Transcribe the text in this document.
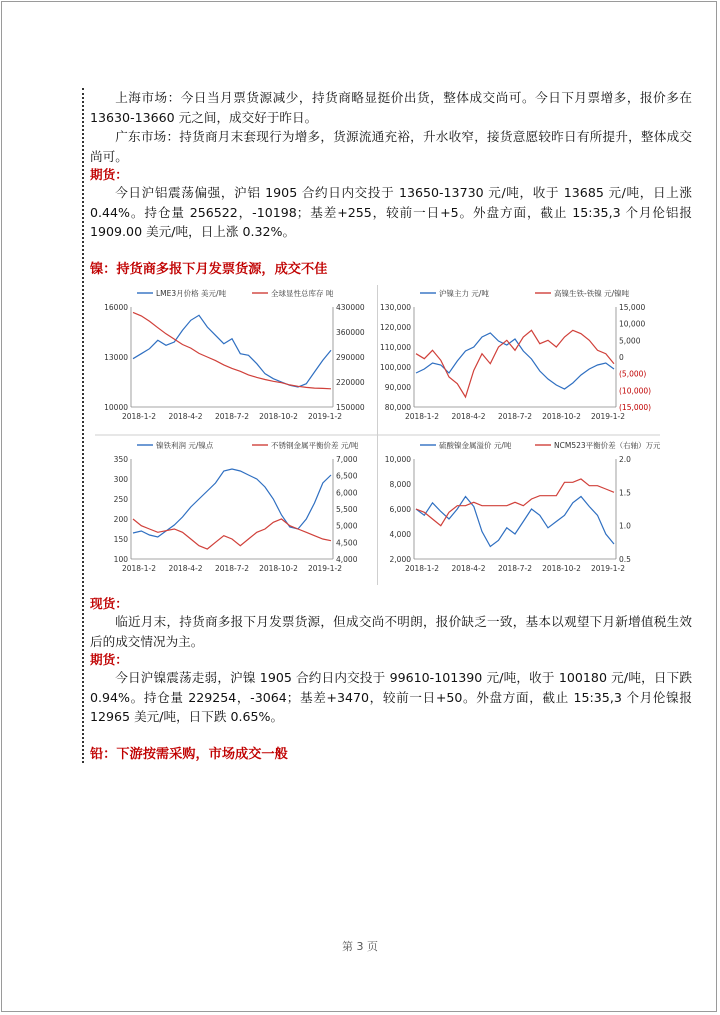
上海市场：今日当月票货源减少，持货商略显挺价出货，整体成交尚可。今日下月票增多，报价多在 13630-13660 元之间，成交好于昨日。
广东市场：持货商月末套现行为增多，货源流通充裕，升水收窄，接货意愿较昨日有所提升，整体成交尚可。
期货：
今日沪铝震荡偏强，沪铝 1905 合约日内交投于 13650-13730 元/吨，收于 13685 元/吨，日上涨 0.44%。持仓量 256522，-10198；基差+255，较前一日+5。外盘方面，截止 15:35,3 个月伦铝报 1909.00 美元/吨，日上涨 0.32%。
镍：持货商多报下月发票货源，成交不佳
LME3月价格 美元/吨	全球显性总库存 吨
10000
13000
16000
150000
220000
290000
360000
430000
2018-1-2 2018-4-2 2018-7-2 2018-10-2 2019-1-2
沪镍主力 元/吨	高镍生铁-铁镍 元/镍吨
80,000
90,000
100,000
110,000
120,000
130,000
(15,000)
(10,000)
(5,000)
0
5,000
10,000
15,000
2018-1-2 2018-4-2 2018-7-2 2018-10-2 2019-1-2
镍铁利润 元/镍点	不锈钢金属平衡价差 元/吨
100
150
200
250
300
350
4,000
4,500
5,000
5,500
6,000
6,500
7,000
2018-1-2 2018-4-2 2018-7-2 2018-10-2 2019-1-2
硫酸镍金属溢价 元/吨	NCM523平衡价差（右轴）万元/吨
2,000
4,000
6,000
8,000
10,000
0.5
1.0
1.5
2.0
2018-1-2 2018-4-2 2018-7-2 2018-10-2 2019-1-2
现货：
临近月末，持货商多报下月发票货源，但成交尚不明朗，报价缺乏一致，基本以观望下月新增值税生效后的成交情况为主。
期货：
今日沪镍震荡走弱，沪镍 1905 合约日内交投于 99610-101390 元/吨，收于 100180 元/吨，日下跌 0.94%。持仓量 229254，-3064；基差+3470，较前一日+50。外盘方面，截止 15:35,3 个月伦镍报 12965 美元/吨，日下跌 0.65%。
铅：下游按需采购，市场成交一般
第 3 页
